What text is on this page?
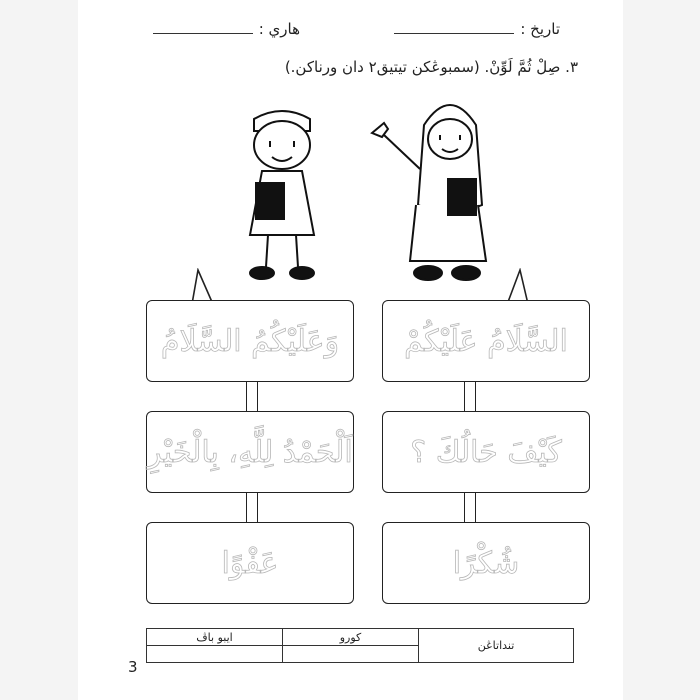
تاريخ :
هاري :
٣. صِلْ ثُمَّ لَوِّنْ. (سمبوڠكن تيتيق٢ دان ورناکن.)
وَعَلَيْكُمُ السَّلَامُ
اَلْحَمْدُ لِلَّهِ، بِالْخَيْرِ
عَفْوًا
السَّلَامُ عَلَيْكُمْ
كَيْفَ حَالُكَ ؟
شُكْرًا
ايبو باڤ	کورو	تنداتاڠن

3
